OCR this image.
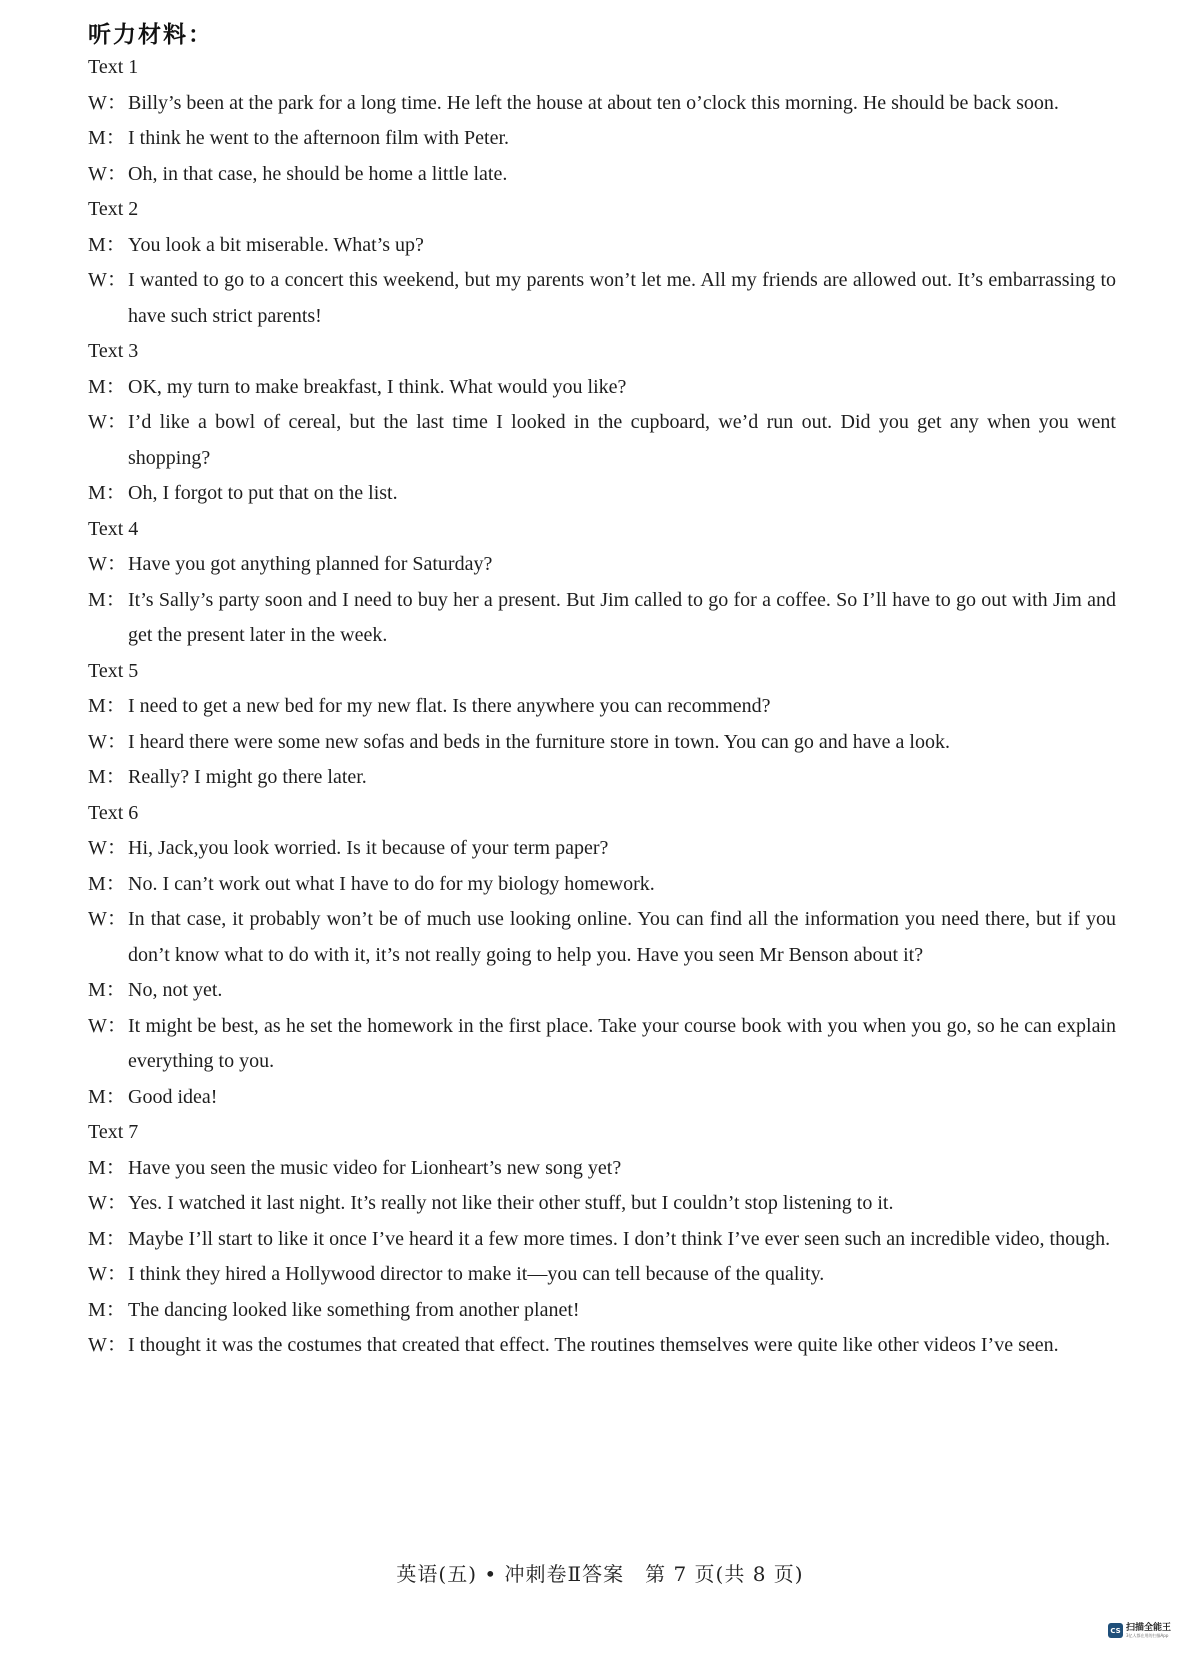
听力材料：
Text 1
W： Billy’s been at the park for a long time. He left the house at about ten o’clock this morning. He should be back soon.
M： I think he went to the afternoon film with Peter.
W： Oh, in that case, he should be home a little late.
Text 2
M： You look a bit miserable. What’s up?
W： I wanted to go to a concert this weekend, but my parents won’t let me. All my friends are allowed out. It’s embarrassing to have such strict parents!
Text 3
M： OK, my turn to make breakfast, I think. What would you like?
W： I’d like a bowl of cereal, but the last time I looked in the cupboard, we’d run out. Did you get any when you went shopping?
M： Oh, I forgot to put that on the list.
Text 4
W： Have you got anything planned for Saturday?
M： It’s Sally’s party soon and I need to buy her a present. But Jim called to go for a coffee. So I’ll have to go out with Jim and get the present later in the week.
Text 5
M： I need to get a new bed for my new flat. Is there anywhere you can recommend?
W： I heard there were some new sofas and beds in the furniture store in town. You can go and have a look.
M： Really? I might go there later.
Text 6
W： Hi, Jack,you look worried. Is it because of your term paper?
M： No. I can’t work out what I have to do for my biology homework.
W： In that case, it probably won’t be of much use looking online. You can find all the information you need there, but if you don’t know what to do with it, it’s not really going to help you. Have you seen Mr Benson about it?
M： No, not yet.
W： It might be best, as he set the homework in the first place. Take your course book with you when you go, so he can explain everything to you.
M： Good idea!
Text 7
M： Have you seen the music video for Lionheart’s new song yet?
W： Yes. I watched it last night. It’s really not like their other stuff, but I couldn’t stop listening to it.
M： Maybe I’ll start to like it once I’ve heard it a few more times. I don’t think I’ve ever seen such an incredible video, though.
W： I think they hired a Hollywood director to make it—you can tell because of the quality.
M： The dancing looked like something from another planet!
W： I thought it was the costumes that created that effect. The routines themselves were quite like other videos I’ve seen.
英语(五) • 冲刺卷Ⅱ答案　第 7 页(共 8 页)
CS 扫描全能王
3亿人都在用的扫描App
